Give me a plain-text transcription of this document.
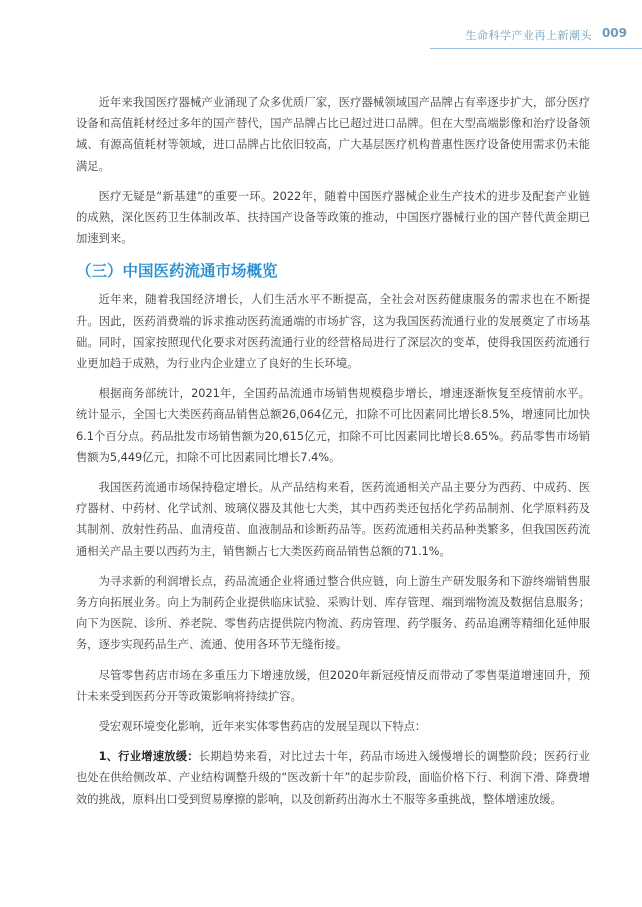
生命科学产业再上新潮头 009

近年来我国医疗器械产业涌现了众多优质厂家，医疗器械领域国产品牌占有率逐步扩大，部分医疗设备和高值耗材经过多年的国产替代，国产品牌占比已超过进口品牌。但在大型高端影像和治疗设备领域、有源高值耗材等领域，进口品牌占比依旧较高，广大基层医疗机构普惠性医疗设备使用需求仍未能满足。

医疗无疑是“新基建”的重要一环。2022年，随着中国医疗器械企业生产技术的进步及配套产业链的成熟，深化医药卫生体制改革、扶持国产设备等政策的推动，中国医疗器械行业的国产替代黄金期已加速到来。

（三）中国医药流通市场概览

近年来，随着我国经济增长，人们生活水平不断提高，全社会对医药健康服务的需求也在不断提升。因此，医药消费端的诉求推动医药流通端的市场扩容，这为我国医药流通行业的发展奠定了市场基础。同时，国家按照现代化要求对医药流通行业的经营格局进行了深层次的变革，使得我国医药流通行业更加趋于成熟，为行业内企业建立了良好的生长环境。

根据商务部统计，2021年，全国药品流通市场销售规模稳步增长，增速逐渐恢复至疫情前水平。统计显示，全国七大类医药商品销售总额26,064亿元，扣除不可比因素同比增长8.5%，增速同比加快6.1个百分点。药品批发市场销售额为20,615亿元，扣除不可比因素同比增长8.65%。药品零售市场销售额为5,449亿元，扣除不可比因素同比增长7.4%。

我国医药流通市场保持稳定增长。从产品结构来看，医药流通相关产品主要分为西药、中成药、医疗器材、中药材、化学试剂、玻璃仪器及其他七大类，其中西药类还包括化学药品制剂、化学原料药及其制剂、放射性药品、血清疫苗、血液制品和诊断药品等。医药流通相关药品种类繁多，但我国医药流通相关产品主要以西药为主，销售额占七大类医药商品销售总额的71.1%。

为寻求新的利润增长点，药品流通企业将通过整合供应链，向上游生产研发服务和下游终端销售服务方向拓展业务。向上为制药企业提供临床试验、采购计划、库存管理、端到端物流及数据信息服务；向下为医院、诊所、养老院、零售药店提供院内物流、药房管理、药学服务、药品追溯等精细化延伸服务，逐步实现药品生产、流通、使用各环节无缝衔接。

尽管零售药店市场在多重压力下增速放缓，但2020年新冠疫情反而带动了零售渠道增速回升，预计未来受到医药分开等政策影响将持续扩容。

受宏观环境变化影响，近年来实体零售药店的发展呈现以下特点：

1、行业增速放缓：长期趋势来看，对比过去十年，药品市场进入缓慢增长的调整阶段；医药行业也处在供给侧改革、产业结构调整升级的“医改新十年”的起步阶段，面临价格下行、利润下滑、降费增效的挑战，原料出口受到贸易摩擦的影响，以及创新药出海水土不服等多重挑战，整体增速放缓。
